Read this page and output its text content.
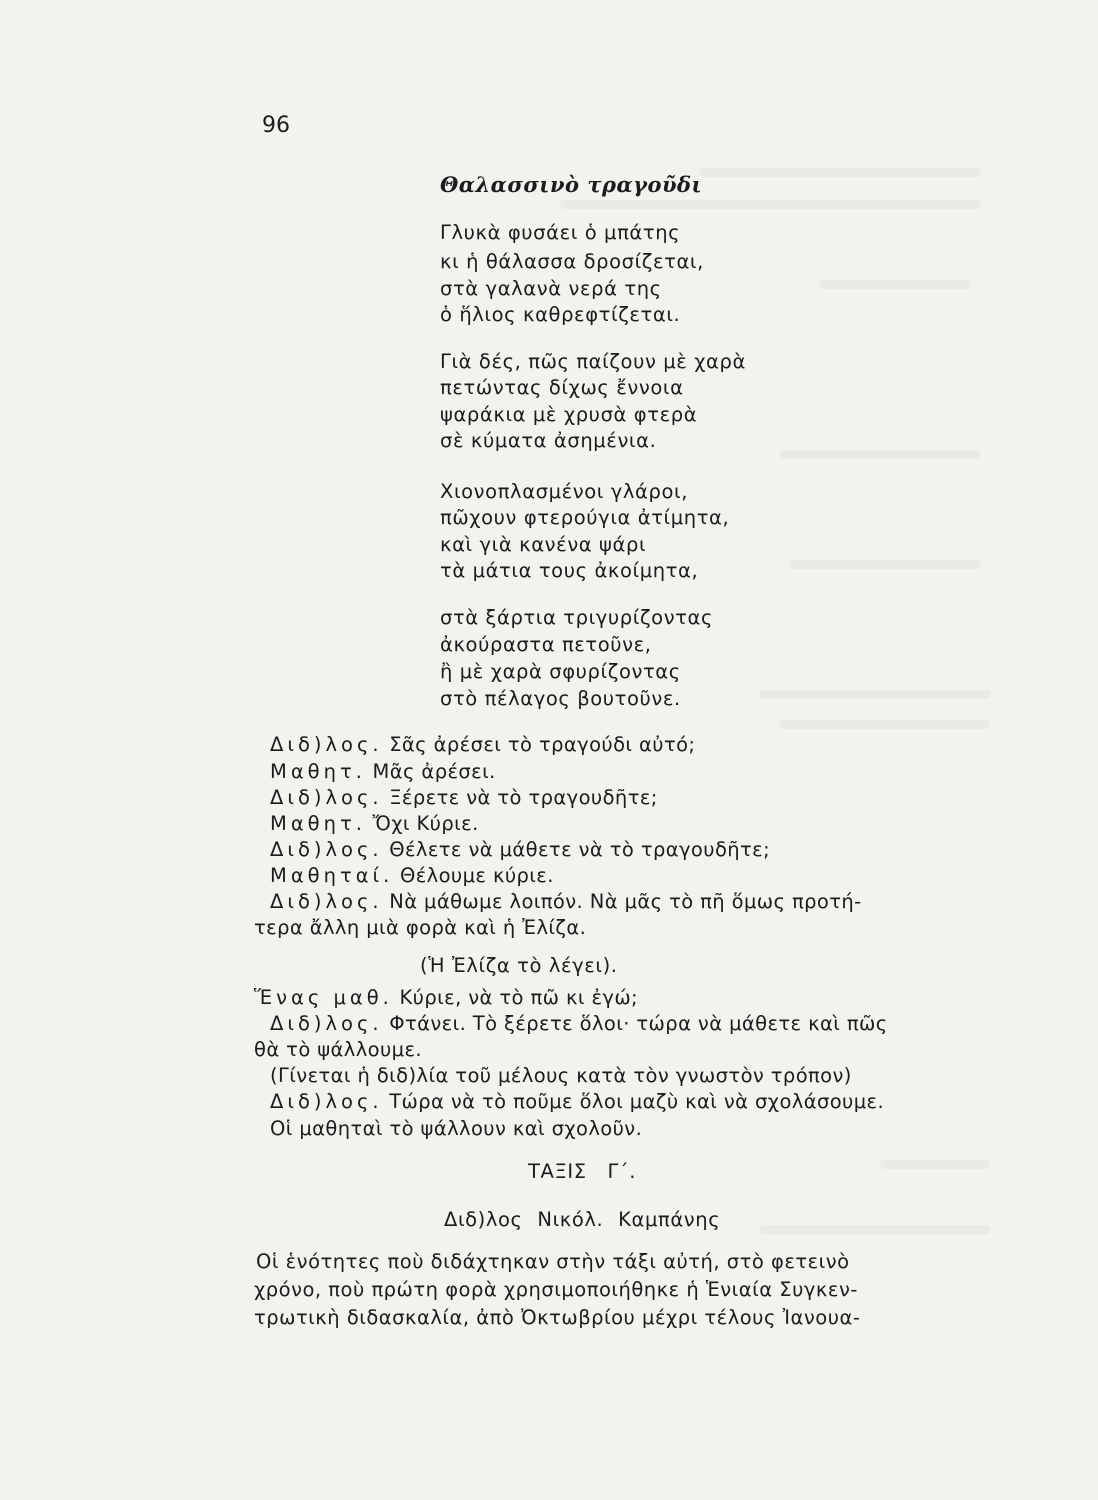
96
Θαλασσινὸ τραγοῦδι
Γλυκὰ φυσάει ὁ μπάτης
κι ἡ θάλασσα δροσίζεται,
στὰ γαλανὰ νερά της
ὁ ἥλιος καθρεφτίζεται.
Γιὰ δές, πῶς παίζουν μὲ χαρὰ
πετώντας δίχως ἔννοια
ψαράκια μὲ χρυσὰ φτερὰ
σὲ κύματα ἀσημένια.
Χιονοπλασμένοι γλάροι,
πῶχουν φτερούγια ἀτίμητα,
καὶ γιὰ κανένα ψάρι
τὰ μάτια τους ἀκοίμητα,
στὰ ξάρτια τριγυρίζοντας
ἀκούραστα πετοῦνε,
ἢ μὲ χαρὰ σφυρίζοντας
στὸ πέλαγος βουτοῦνε.
Διδ)λος. Σᾶς ἀρέσει τὸ τραγούδι αὐτό;
Μαθητ. Μᾶς ἀρέσει.
Διδ)λος. Ξέρετε νὰ τὸ τραγουδῆτε;
Μαθητ. Ὄχι Κύριε.
Διδ)λος. Θέλετε νὰ μάθετε νὰ τὸ τραγουδῆτε;
Μαθηταί. Θέλουμε κύριε.
Διδ)λος. Νὰ μάθωμε λοιπόν. Νὰ μᾶς τὸ πῆ ὅμως προτή-
τερα ἄλλη μιὰ φορὰ καὶ ἡ Ἐλίζα.
(Ἡ Ἐλίζα τὸ λέγει).
Ἕνας μαθ. Κύριε, νὰ τὸ πῶ κι ἐγώ;
Διδ)λος. Φτάνει. Τὸ ξέρετε ὅλοι· τώρα νὰ μάθετε καὶ πῶς
θὰ τὸ ψάλλουμε.
(Γίνεται ἡ διδ)λία τοῦ μέλους κατὰ τὸν γνωστὸν τρόπον)
Διδ)λος. Τώρα νὰ τὸ ποῦμε ὅλοι μαζὺ καὶ νὰ σχολάσουμε.
Οἱ μαθηταὶ τὸ ψάλλουν καὶ σχολοῦν.
ΤΑΞΙΣ Γ΄.
Διδ)λος Νικόλ. Καμπάνης
Οἱ ἑνότητες ποὺ διδάχτηκαν στὴν τάξι αὐτή, στὸ φετεινὸ
χρόνο, ποὺ πρώτη φορὰ χρησιμοποιήθηκε ἡ Ἑνιαία Συγκεν-
τρωτικὴ διδασκαλία, ἀπὸ Ὀκτωβρίου μέχρι τέλους Ἰανουα-
